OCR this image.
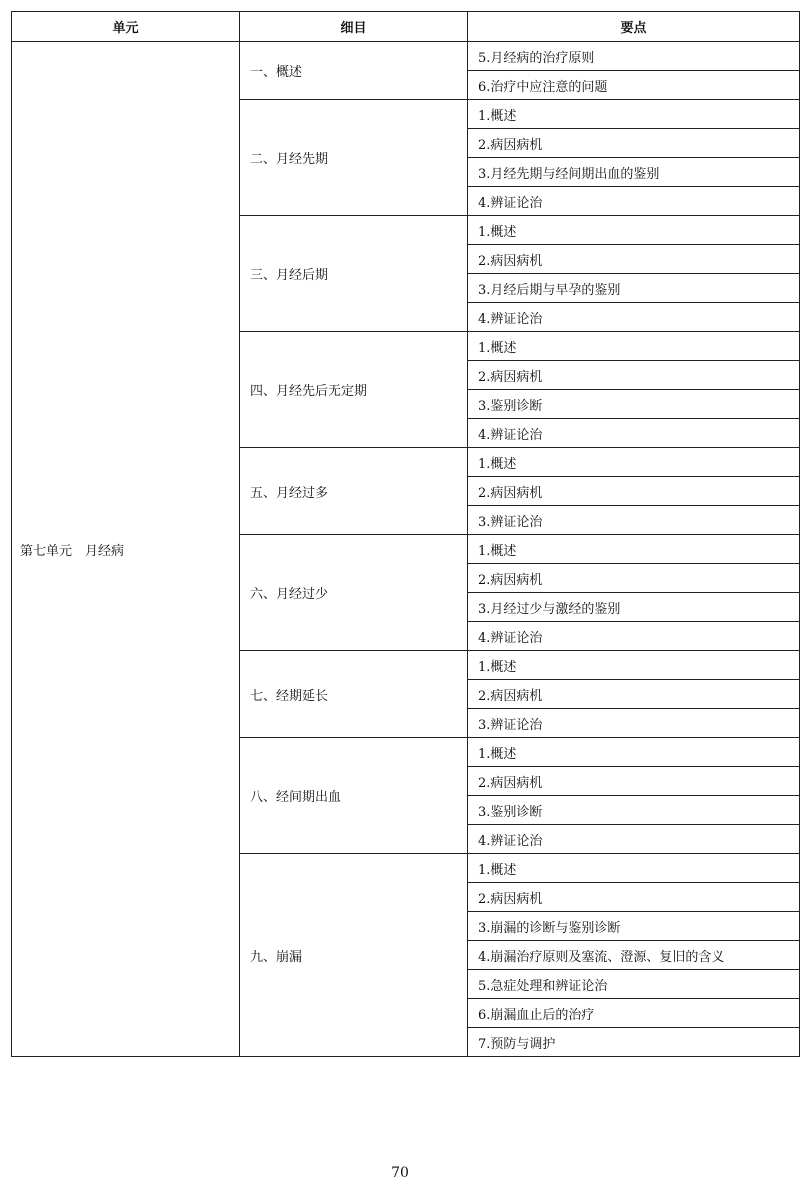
单元	细目	要点
第七单元　月经病	一、概述	5.月经病的治疗原则
		6.治疗中应注意的问题
	二、月经先期	1.概述
		2.病因病机
		3.月经先期与经间期出血的鉴别
		4.辨证论治
	三、月经后期	1.概述
		2.病因病机
		3.月经后期与早孕的鉴别
		4.辨证论治
	四、月经先后无定期	1.概述
		2.病因病机
		3.鉴别诊断
		4.辨证论治
	五、月经过多	1.概述
		2.病因病机
		3.辨证论治
	六、月经过少	1.概述
		2.病因病机
		3.月经过少与激经的鉴别
		4.辨证论治
	七、经期延长	1.概述
		2.病因病机
		3.辨证论治
	八、经间期出血	1.概述
		2.病因病机
		3.鉴别诊断
		4.辨证论治
	九、崩漏	1.概述
		2.病因病机
		3.崩漏的诊断与鉴别诊断
		4.崩漏治疗原则及塞流、澄源、复旧的含义
		5.急症处理和辨证论治
		6.崩漏血止后的治疗
		7.预防与调护
70
